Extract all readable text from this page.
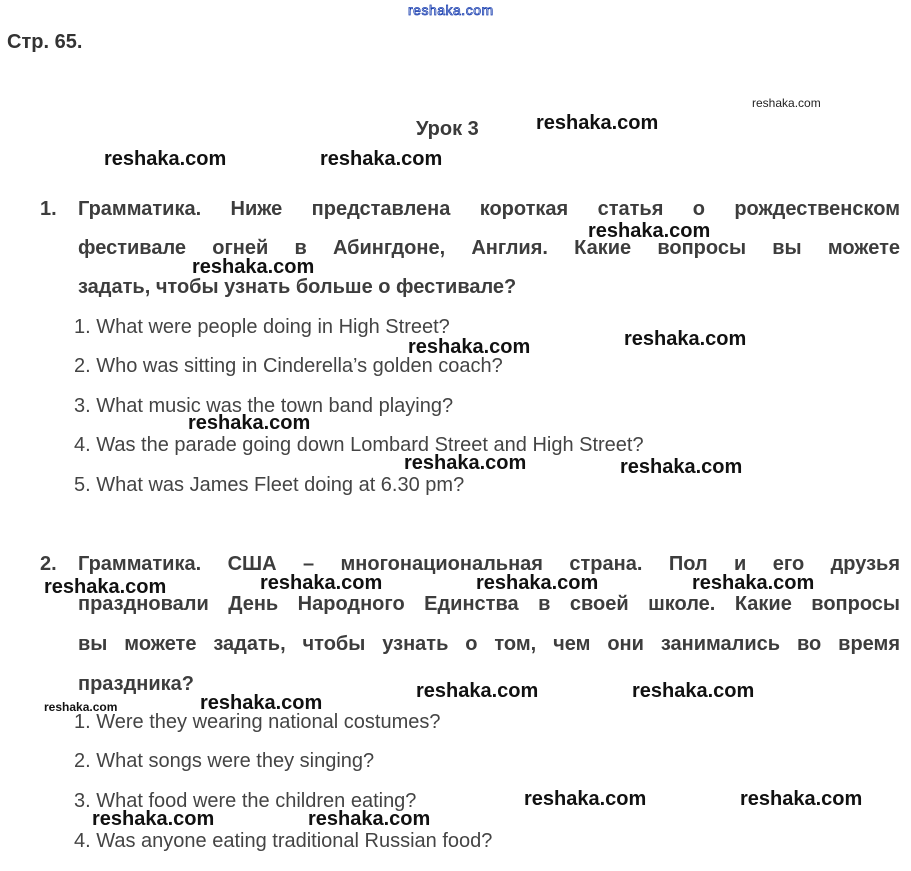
reshaka.com
Стр. 65.
reshaka.com
Урок 3
1. Грамматика. Ниже представлена короткая статья о рождественском
фестивале огней в Абингдоне, Англия. Какие вопросы вы можете
задать, чтобы узнать больше о фестивале?
1. What were people doing in High Street?
2. Who was sitting in Cinderella’s golden coach?
3. What music was the town band playing?
4. Was the parade going down Lombard Street and High Street?
5. What was James Fleet doing at 6.30 pm?
2. Грамматика. США – многонациональная страна. Пол и его друзья
праздновали День Народного Единства в своей школе. Какие вопросы
вы можете задать, чтобы узнать о том, чем они занимались во время
праздника?
1. Were they wearing national costumes?
2. What songs were they singing?
3. What food were the children eating?
4. Was anyone eating traditional Russian food?
reshaka.com
reshaka.com	reshaka.com
reshaka.com
reshaka.com
reshaka.com
reshaka.com
reshaka.com
reshaka.com	reshaka.com
reshaka.com	reshaka.com	reshaka.com	reshaka.com
reshaka.com	reshaka.com
reshaka.com	reshaka.com
reshaka.com	reshaka.com
reshaka.com	reshaka.com
